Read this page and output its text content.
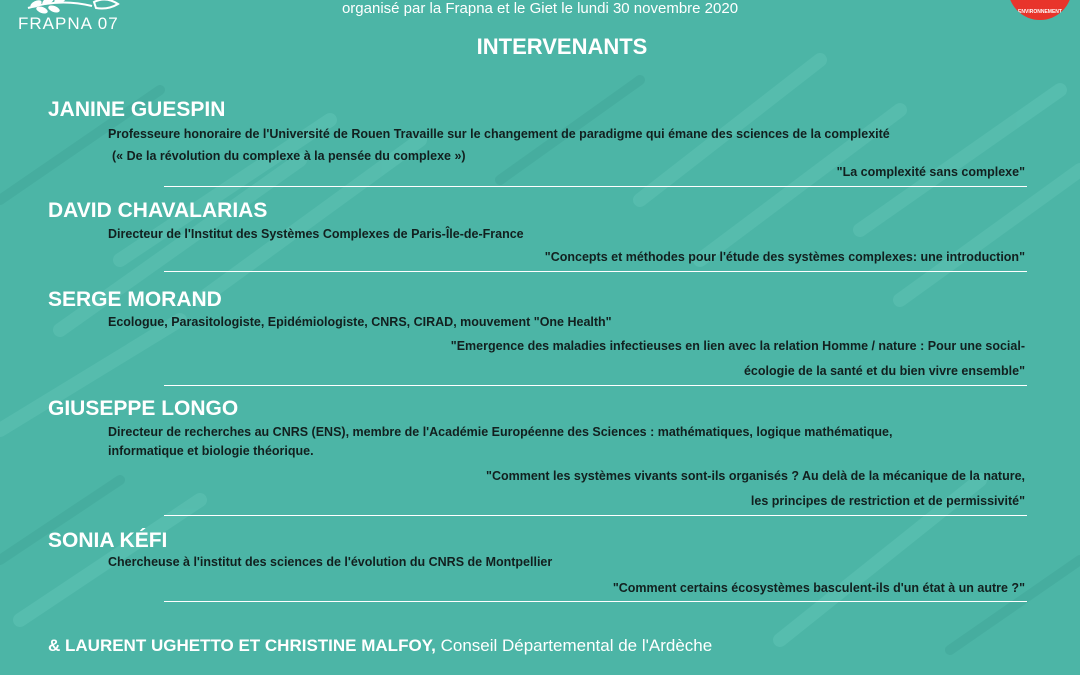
FRAPNA 07
organisé par la Frapna et le Giet le lundi 30 novembre 2020	ENVIRONNEMENT
INTERVENANTS
JANINE GUESPIN
Professeure honoraire de l'Université de Rouen Travaille sur le changement de paradigme qui émane des sciences de la complexité
(« De la révolution du complexe à la pensée du complexe »)
"La complexité sans complexe"
DAVID CHAVALARIAS
Directeur de l'Institut des Systèmes Complexes de Paris-Île-de-France
"Concepts et méthodes pour l'étude des systèmes complexes: une introduction"
SERGE MORAND
Ecologue, Parasitologiste, Epidémiologiste, CNRS, CIRAD, mouvement "One Health"
"Emergence des maladies infectieuses en lien avec la relation Homme / nature : Pour une social-
écologie de la santé et du bien vivre ensemble"
GIUSEPPE LONGO
Directeur de recherches au CNRS (ENS), membre de l'Académie Européenne des Sciences : mathématiques, logique mathématique,
informatique et biologie théorique.
"Comment les systèmes vivants sont-ils organisés ? Au delà de la mécanique de la nature,
les principes de restriction et de permissivité"
SONIA KÉFI
Chercheuse à l'institut des sciences de l'évolution du CNRS de Montpellier
"Comment certains écosystèmes basculent-ils d'un état à un autre ?"
& LAURENT UGHETTO ET CHRISTINE MALFOY, Conseil Départemental de l'Ardèche
